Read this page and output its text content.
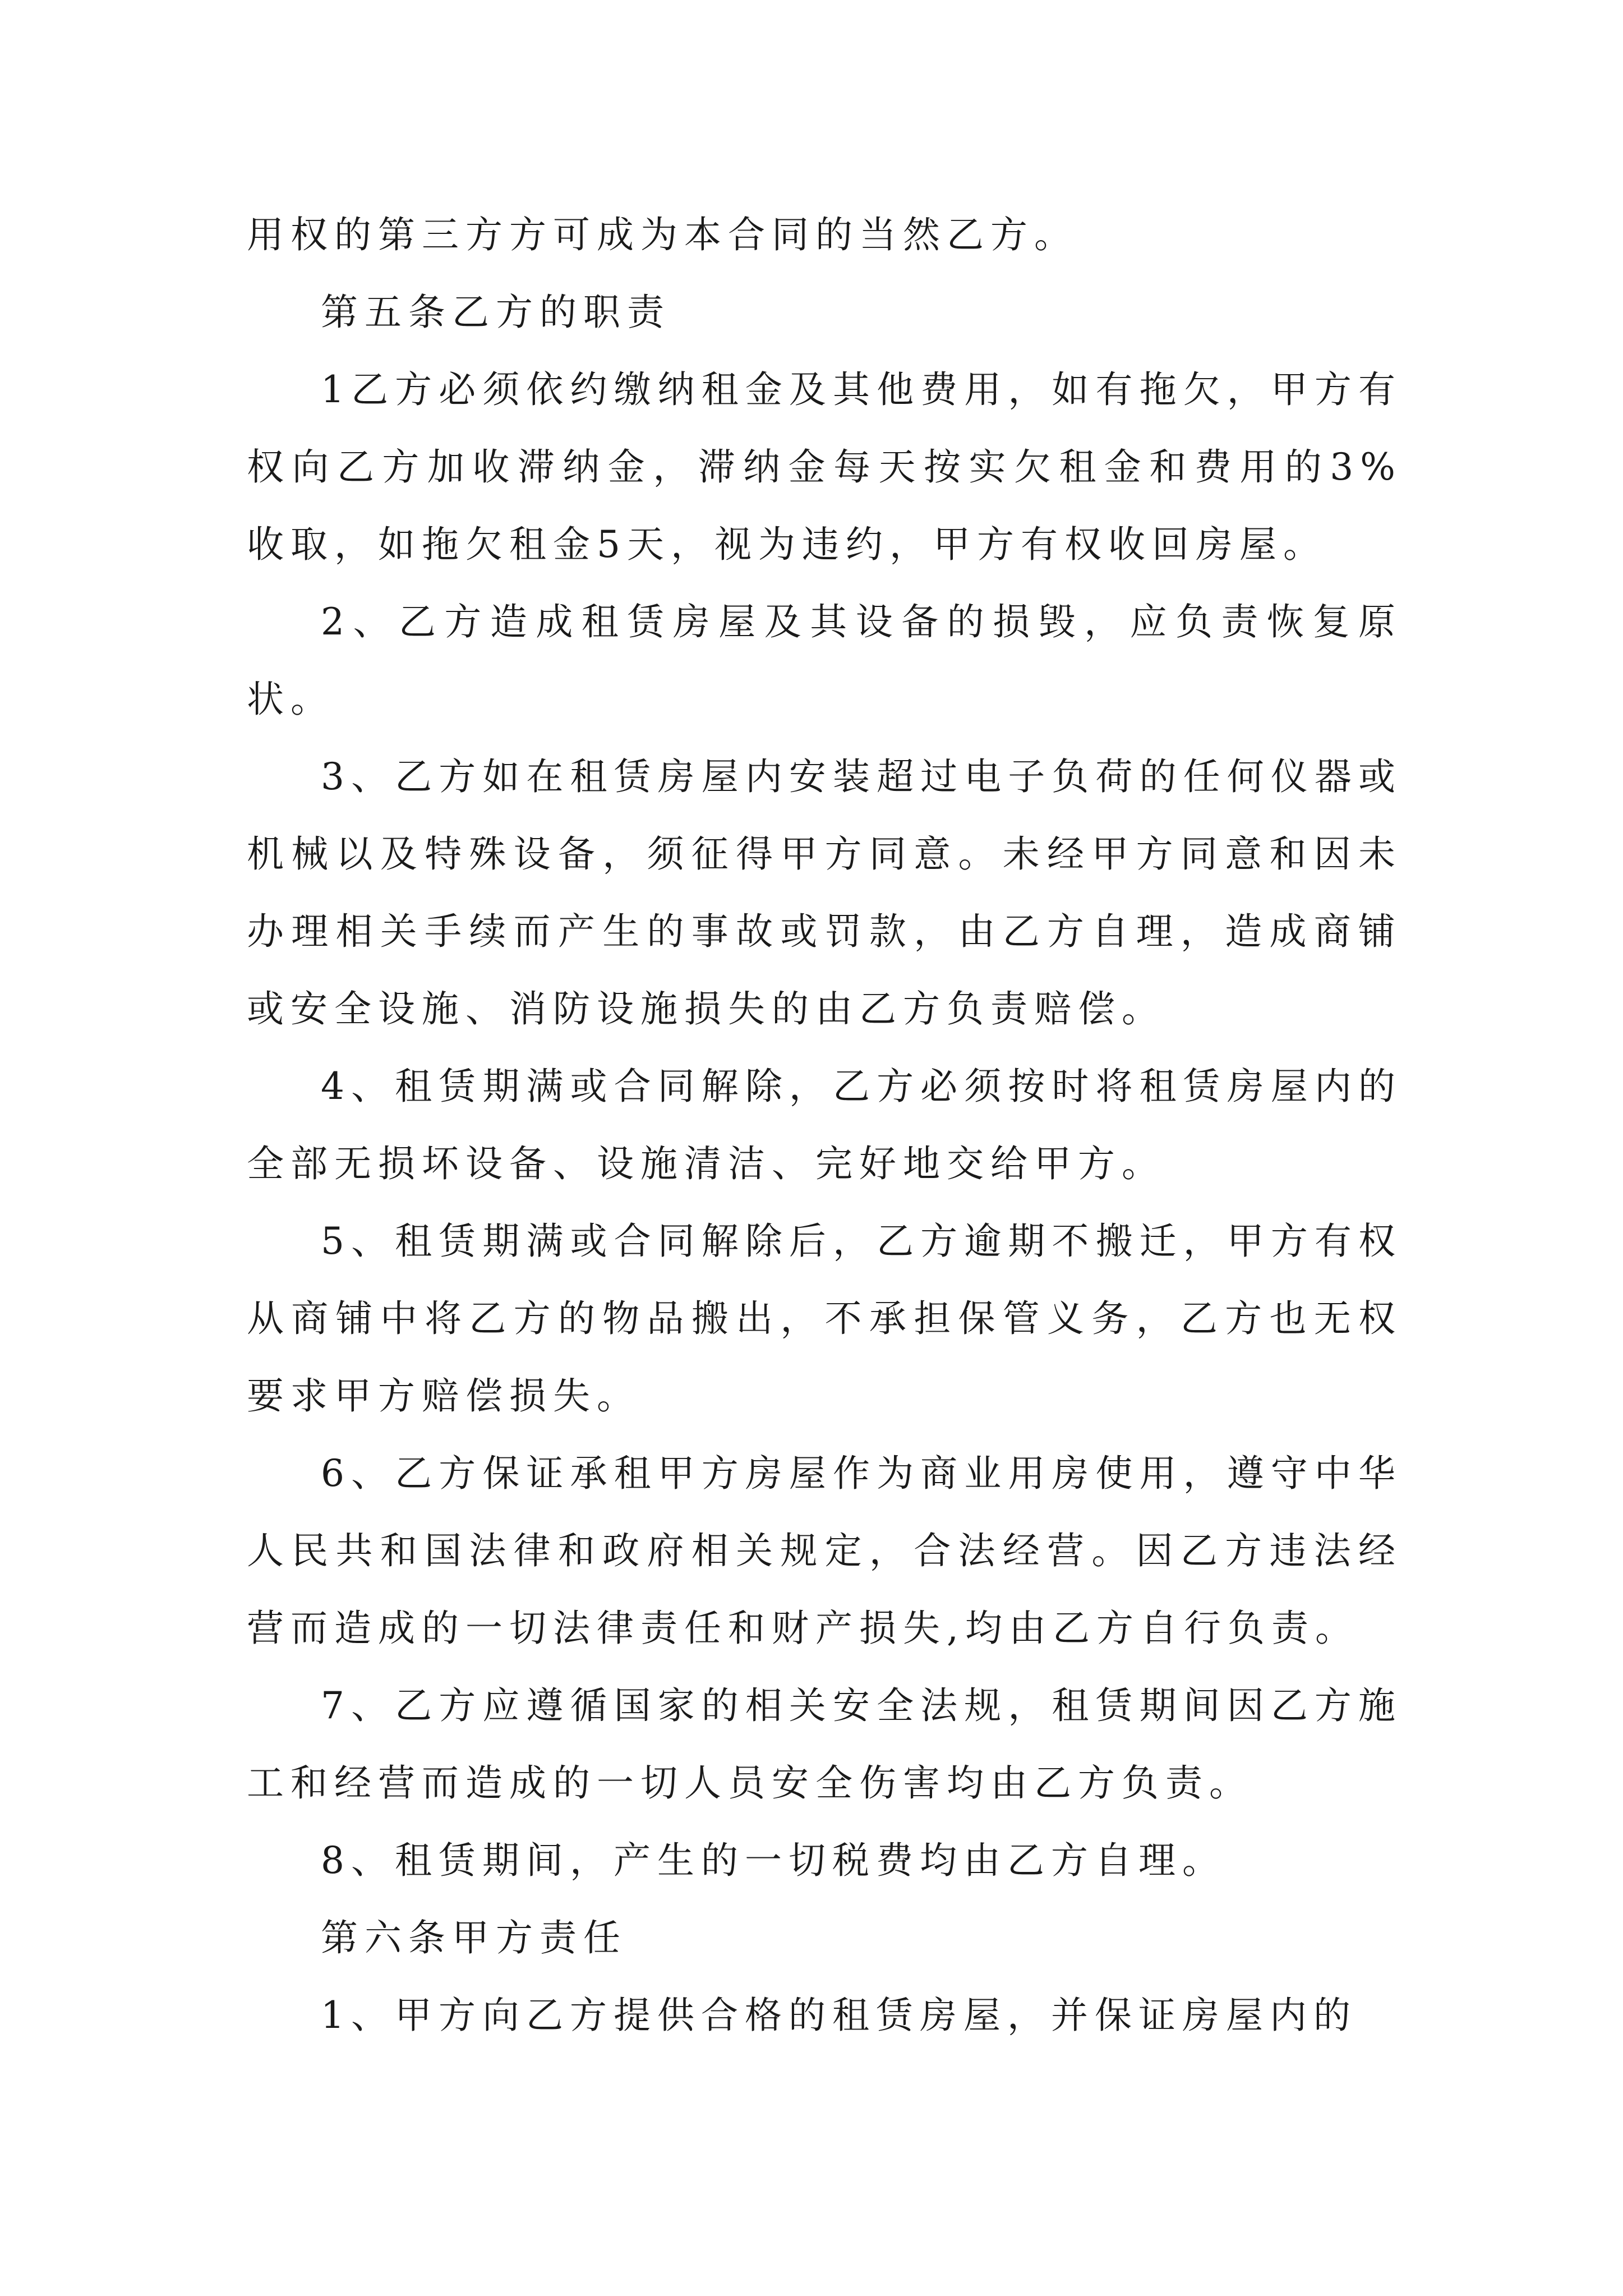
用权的第三方方可成为本合同的当然乙方。

第五条乙方的职责

1乙方必须依约缴纳租金及其他费用，如有拖欠，甲方有权向乙方加收滞纳金，滞纳金每天按实欠租金和费用的3%收取，如拖欠租金5天，视为违约，甲方有权收回房屋。

2、乙方造成租赁房屋及其设备的损毁，应负责恢复原状。

3、乙方如在租赁房屋内安装超过电子负荷的任何仪器或机械以及特殊设备，须征得甲方同意。未经甲方同意和因未办理相关手续而产生的事故或罚款，由乙方自理，造成商铺或安全设施、消防设施损失的由乙方负责赔偿。

4、租赁期满或合同解除，乙方必须按时将租赁房屋内的全部无损坏设备、设施清洁、完好地交给甲方。

5、租赁期满或合同解除后，乙方逾期不搬迁，甲方有权从商铺中将乙方的物品搬出，不承担保管义务，乙方也无权要求甲方赔偿损失。

6、乙方保证承租甲方房屋作为商业用房使用，遵守中华人民共和国法律和政府相关规定，合法经营。因乙方违法经营而造成的一切法律责任和财产损失,均由乙方自行负责。

7、乙方应遵循国家的相关安全法规，租赁期间因乙方施工和经营而造成的一切人员安全伤害均由乙方负责。

8、租赁期间，产生的一切税费均由乙方自理。

第六条甲方责任

1、甲方向乙方提供合格的租赁房屋，并保证房屋内的
